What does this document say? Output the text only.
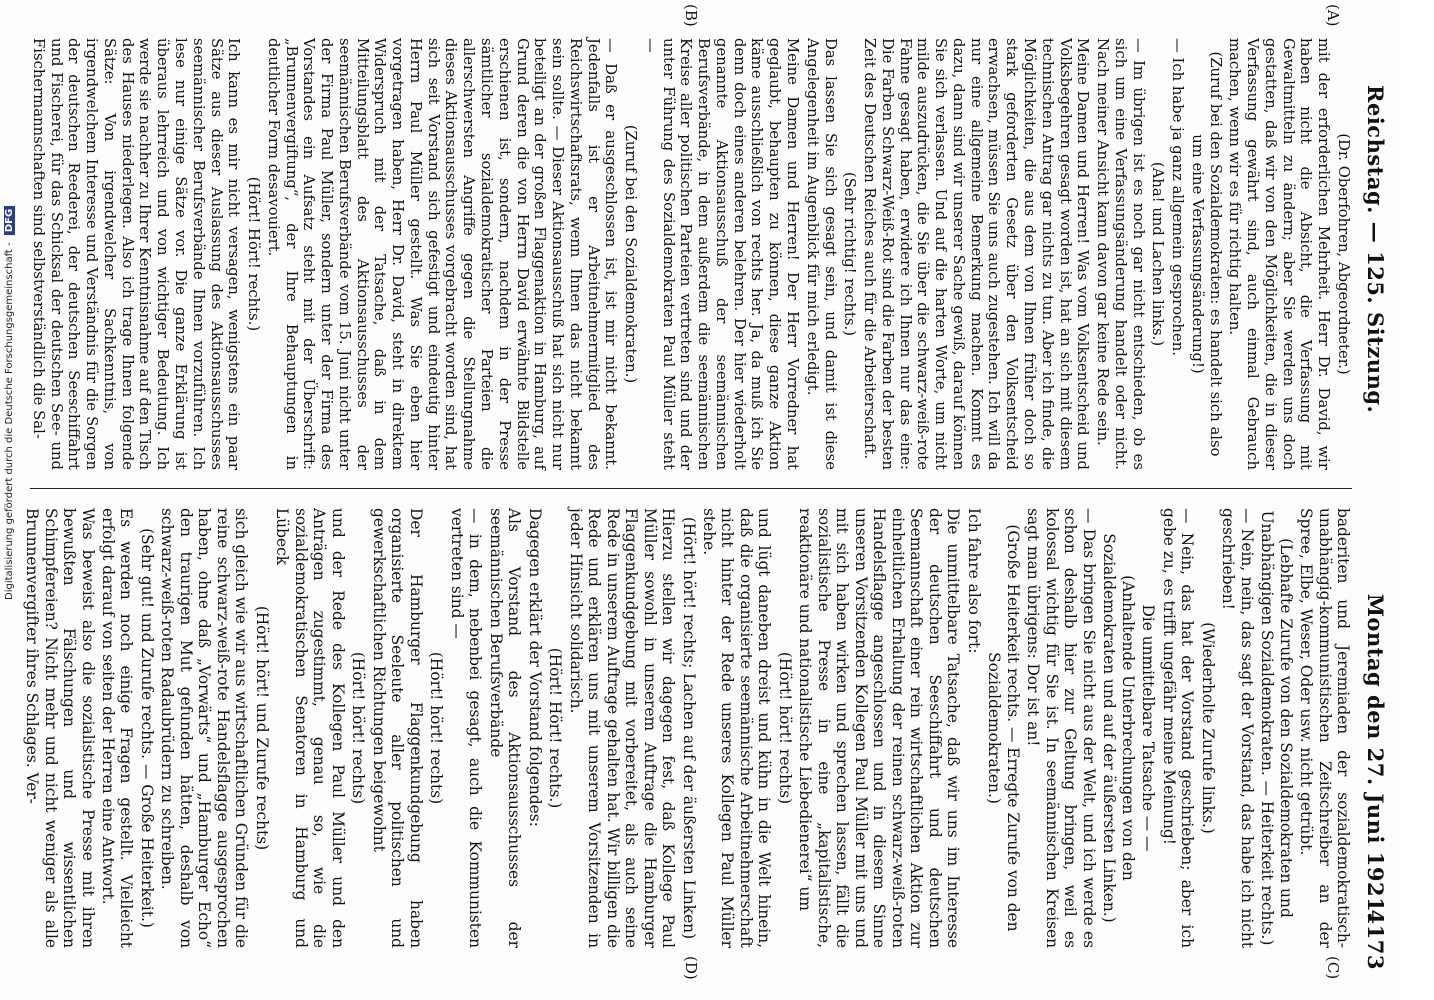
Reichstag. — 125. Sitzung.
Montag den 27. Juni 1921.
4173
(A)
(B)
(C)
(D)

(Dr. Oberfohren, Abgeordneter.)

mit der erforderlichen Mehrheit. Herr Dr. David, wir haben nicht die Absicht, die Verfassung mit Gewaltmitteln zu ändern; aber Sie werden uns doch gestatten, daß wir von den Möglichkeiten, die in dieser Verfassung gewährt sind, auch einmal Gebrauch machen, wenn wir es für richtig halten.

(Zuruf bei den Sozialdemokraten: es handelt sich also um eine Verfassungsänderung!)

— Ich habe ja ganz allgemein gesprochen.

(Aha! und Lachen links.)

— Im übrigen ist es noch gar nicht entschieden, ob es sich um eine Verfassungsänderung handelt oder nicht. Nach meiner Ansicht kann davon gar keine Rede sein.

Meine Damen und Herren! Was vom Volksentscheid und Volksbegehren gesagt worden ist, hat an sich mit diesem technischen Antrag gar nichts zu tun. Aber ich finde, die Möglichkeiten, die aus dem von Ihnen früher doch so stark geforderten Gesetz über den Volksentscheid erwachsen, müssen Sie uns auch zugestehen. Ich will da nur eine allgemeine Bemerkung machen. Kommt es dazu, dann sind wir unserer Sache gewiß, darauf können Sie sich verlassen. Und auf die harten Worte, um nicht milde auszudrücken, die Sie über die schwarz-weiß-rote Fahne gesagt haben, erwidere ich Ihnen nur das eine: Die Farben Schwarz-Weiß-Rot sind die Farben der besten Zeit des Deutschen Reiches auch für die Arbeiterschaft.

(Sehr richtig! rechts.)

Das lassen Sie sich gesagt sein, und damit ist diese Angelegenheit im Augenblick für mich erledigt.

Meine Damen und Herren! Der Herr Vorredner hat geglaubt, behaupten zu können, diese ganze Aktion käme ausschließlich von rechts her. Ja, da muß ich Sie denn doch eines anderen belehren. Der hier wiederholt genannte Aktionsausschuß der seemännischen Berufsverbände, in dem außerdem die seemännischen Kreise aller politischen Parteien vertreten sind und der unter Führung des Sozialdemokraten Paul Müller steht —

(Zuruf bei den Sozialdemokraten.)

— Daß er ausgeschlossen ist, ist mir nicht bekannt. Jedenfalls ist er Arbeitnehmermitglied des Reichswirtschaftsrats, wenn Ihnen das nicht bekannt sein sollte. — Dieser Aktionsausschuß hat sich nicht nur beteiligt an der großen Flaggenaktion in Hamburg, auf Grund deren die von Herrn David erwähnte Bildstelle erschienen ist, sondern, nachdem in der Presse sämtlicher sozialdemokratischer Parteien die allerschwersten Angriffe gegen die Stellungnahme dieses Aktionsausschusses vorgebracht worden sind, hat sich seit Vorstand sich gefestigt und eindeutig hinter Herrn Paul Müller gestellt. Was Sie eben hier vorgetragen haben, Herr Dr. David, steht in direktem Widerspruch mit der Tatsache, daß in dem Mitteilungsblatt des Aktionsausschusses der seemännischen Berufsverbände vom 15. Juni nicht unter der Firma Paul Müller, sondern unter der Firma des Vorstandes ein Aufsatz steht mit der Überschrift: „Brunnenvergiftung“, der Ihre Behauptungen in deutlicher Form desavouiert.

(Hört! Hört! rechts.)

Ich kann es mir nicht versagen, wenigstens ein paar Sätze aus dieser Auslassung des Aktionsausschusses seemännischer Berufsverbände Ihnen vorzuführen. Ich lese nur einige Sätze vor. Die ganze Erklärung ist überaus lehrreich und von wichtiger Bedeutung. Ich werde sie nachher zu Ihrer Kenntnisnahme auf den Tisch des Hauses niederlegen. Also ich trage Ihnen folgende Sätze: Von irgendwelcher Sachkenntnis, von irgendwelchem Interesse und Verständnis für die Sorgen der deutschen Reederei, der deutschen Seeschiffahrt und Fischerei, für das Schicksal der deutschen See- und Fischermannschaften sind selbstverständlich die Sal-

baderiten und Jeremiaden der sozialdemokratisch-unabhängig-kommunistischen Zeitschreiber an der Spree, Elbe, Weser, Oder usw. nicht getrübt.

(Lebhafte Zurufe von den Sozialdemokraten und Unabhängigen Sozialdemokraten. — Heiterkeit rechts.)

— Nein, nein, das sagt der Vorstand, das habe ich nicht geschrieben!

(Wiederholte Zurufe links.)

— Nein, das hat der Vorstand geschrieben; aber ich gebe zu, es trifft ungefähr meine Meinung!

Die unmittelbare Tatsache — —

(Anhaltende Unterbrechungen von den Sozialdemokraten und auf der äußersten Linken.)

— Das bringen Sie nicht aus der Welt, und ich werde es schon deshalb hier zur Geltung bringen, weil es kolossal wichtig für Sie ist. In seemännischen Kreisen sagt man übrigens: Dor ist an!

(Große Heiterkeit rechts. — Erregte Zurufe von den Sozialdemokraten.)

Ich fahre also fort:

Die unmittelbare Tatsache, daß wir uns im Interesse der deutschen Seeschiffahrt und deutschen Seemannschaft einer rein wirtschaftlichen Aktion zur einheitlichen Erhaltung der reinen schwarz-weiß-roten Handelsflagge angeschlossen und in diesem Sinne unseren Vorsitzenden Kollegen Paul Müller mit uns und mit sich haben wirken und sprechen lassen, fällt die sozialistische Presse in eine „kapitalistische, reaktionäre und nationalistische Liebedienerei“ um

(Hört! hört! rechts)

und lügt daneben dreist und kühn in die Welt hinein, daß die organisierte seemännische Arbeitnehmerschaft nicht hinter der Rede unseres Kollegen Paul Müller stehe.

(Hört! hört! rechts; Lachen auf der äußersten Linken)

Hierzu stellen wir dagegen fest, daß Kollege Paul Müller sowohl in unserem Auftrage die Hamburger Flaggenkundgebung mit vorbereitet, als auch seine Rede in unserem Auftrage gehalten hat. Wir billigen die Rede und erklären uns mit unserem Vorsitzenden in jeder Hinsicht solidarisch.

(Hört! Hört! rechts.)

Dagegen erklärt der Vorstand folgendes:

Als Vorstand des Aktionsausschusses der seemännischen Berufsverbände

— in dem, nebenbei gesagt, auch die Kommunisten vertreten sind —

(Hört! hört! rechts)

Der Hamburger Flaggenkundgebung haben organisierte Seeleute aller politischen und gewerkschaftlichen Richtungen beigewohnt

(Hört! hört! rechts)

und der Rede des Kollegen Paul Müller und den Anträgen zugestimmt, genau so, wie die sozialdemokratischen Senatoren in Hamburg und Lübeck

(Hört! hört! und Zurufe rechts)

sich gleich wie wir aus wirtschaftlichen Gründen für die reine schwarz-weiß-rote Handelsflagge ausgesprochen haben, ohne daß „Vorwärts“ und „Hamburger Echo“ den traurigen Mut gefunden hätten, deshalb von schwarz-weiß-roten Radaubrüdern zu schreiben.

(Sehr gut! und Zurufe rechts. — Große Heiterkeit.)

Es werden noch einige Fragen gestellt. Vielleicht erfolgt darauf von seiten der Herren eine Antwort.

Was beweist also die sozialistische Presse mit ihren bewußten Fälschungen und wissentlichen Schimpfereien? Nicht mehr und nicht weniger als alle Brunnenvergifter ihres Schlages. Ver-

Digitalisierung gefördert durch die Deutsche Forschungsgemeinschaft - DFG
